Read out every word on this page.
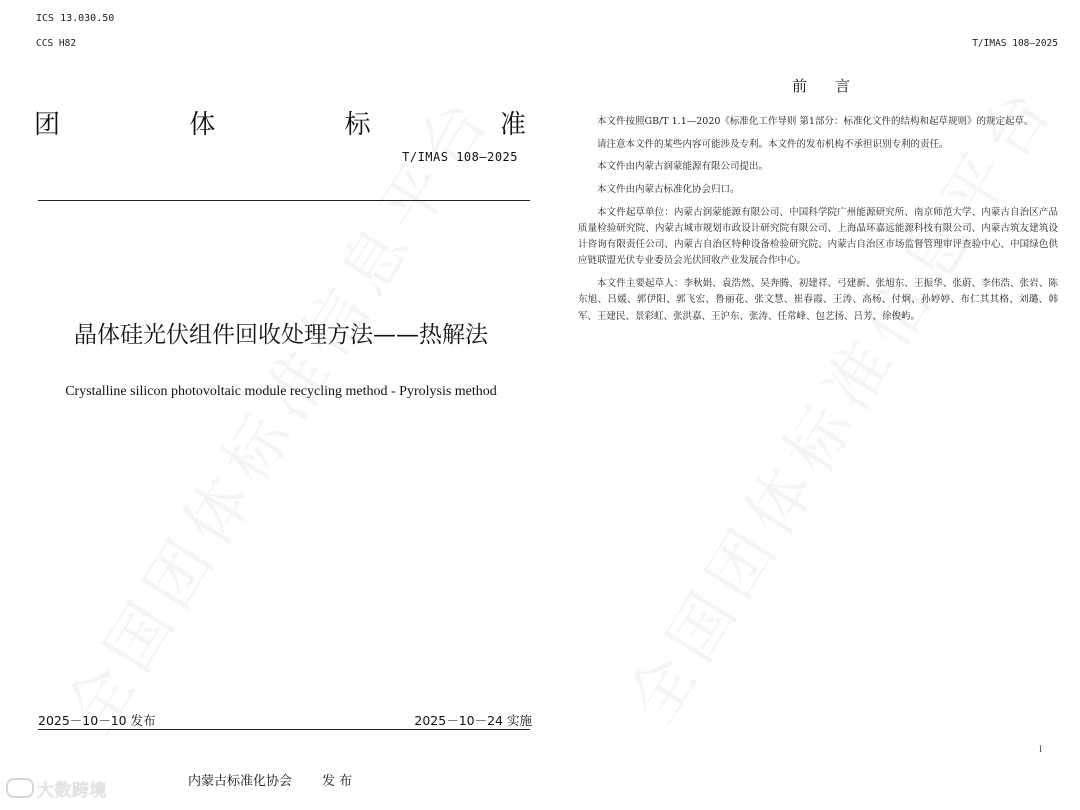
ICS 13.030.50
CCS H82
团	体	标	准
T/IMAS 108—2025
晶体硅光伏组件回收处理方法——热解法
Crystalline silicon photovoltaic module recycling method - Pyrolysis method
2025－10－10 发布	2025－10－24 实施
内蒙古标准化协会 发 布
大数跨境
T/IMAS 108—2025
前言

本文件按照GB/T 1.1—2020《标准化工作导则 第1部分：标准化文件的结构和起草规则》的规定起草。

请注意本文件的某些内容可能涉及专利。本文件的发布机构不承担识别专利的责任。

本文件由内蒙古润蒙能源有限公司提出。

本文件由内蒙古标准化协会归口。

本文件起草单位：内蒙古润蒙能源有限公司、中国科学院广州能源研究所、南京师范大学、内蒙古自治区产品质量检验研究院、内蒙古城市规划市政设计研究院有限公司、上海晶环嘉远能源科技有限公司、内蒙古筑友建筑设计咨询有限责任公司、内蒙古自治区特种设备检验研究院、内蒙古自治区市场监督管理审评查验中心、中国绿色供应链联盟光伏专业委员会光伏回收产业发展合作中心。

本文件主要起草人：李秋娟、袁浩然、吴奔腾、初建祥、弓建新、张旭东、王振华、张蔚、李伟浩、张岩、陈东旭、吕媛、郭伊阳、郭飞宏、鲁丽花、张文慧、崔春霞、王涛、高杨、付炯、孙婷婷、布仁其其格、刘璐、韩军、王建民、景彩虹、张洪嘉、王沪东、张涛、任常峰、包艺扬、吕芳、徐俊屿。

I
